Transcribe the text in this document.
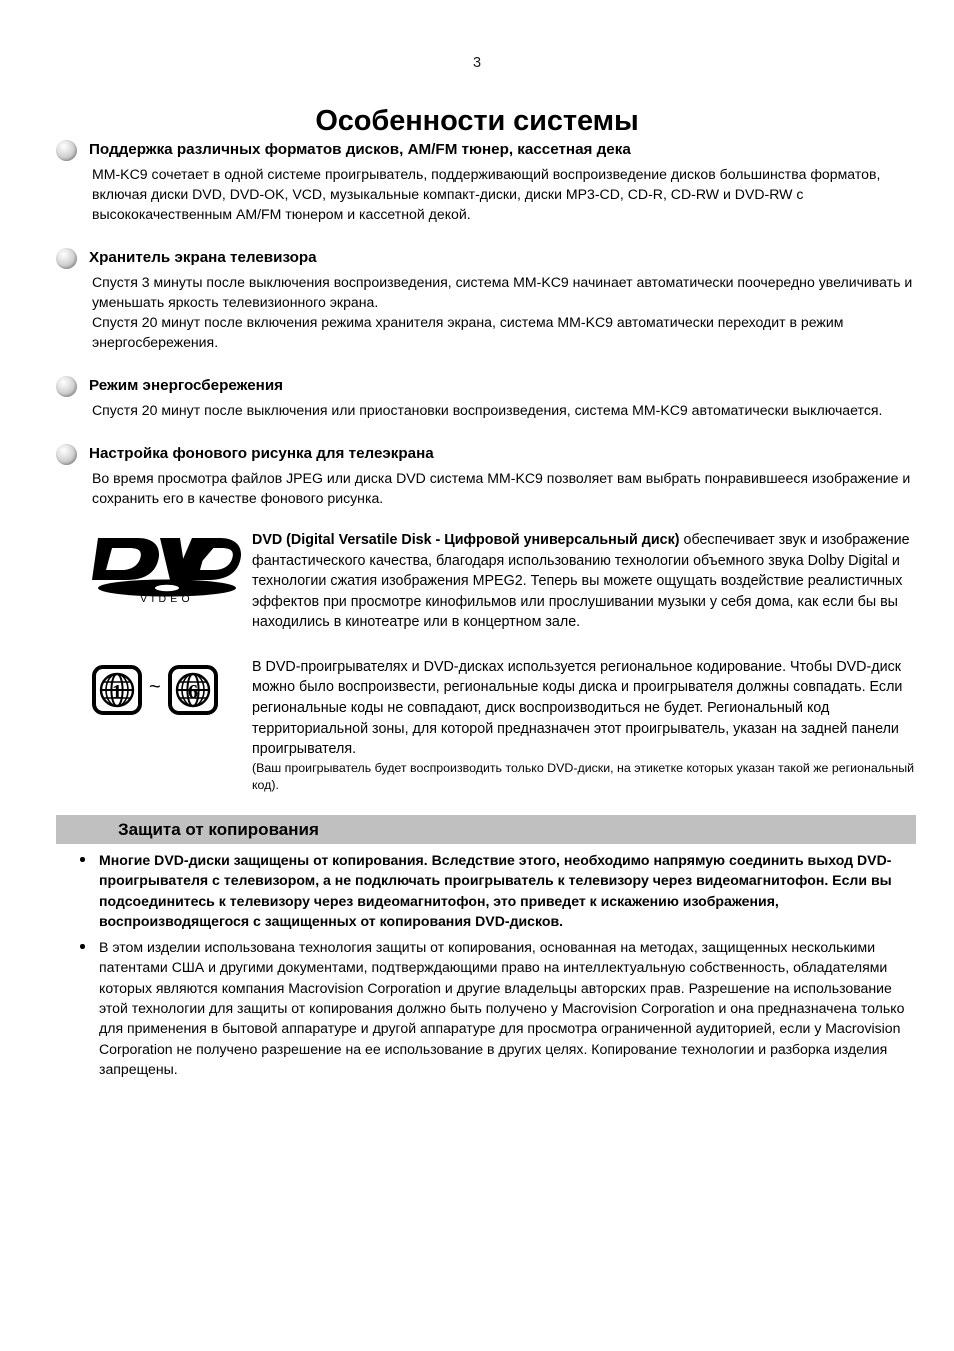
3
Особенности системы
Поддержка различных форматов дисков, AM/FM тюнер, кассетная дека

MM-KC9 сочетает в одной системе проигрыватель, поддерживающий воспроизведение дисков большинства форматов, включая диски DVD, DVD-OK, VCD, музыкальные компакт-диски, диски MP3-CD, CD-R, CD-RW и DVD-RW с высококачественным AM/FM тюнером и кассетной декой.

Хранитель экрана телевизора

Спустя 3 минуты после выключения воспроизведения, система MM-KC9 начинает автоматически поочередно увеличивать и уменьшать яркость телевизионного экрана.

Спустя 20 минут после включения режима хранителя экрана, система MM-KC9 автоматически переходит в режим энергосбережения.

Режим энергосбережения

Спустя 20 минут после выключения или приостановки воспроизведения, система MM-KC9 автоматически выключается.

Настройка фонового рисунка для телеэкрана

Во время просмотра файлов JPEG или диска DVD система MM-KC9 позволяет вам выбрать понравившееся изображение и сохранить его в качестве фонового рисунка.

VIDEO

DVD (Digital Versatile Disk - Цифровой универсальный диск) обеспечивает звук и изображение фантастического качества, благодаря использованию технологии объемного звука Dolby Digital и технологии сжатия изображения MPEG2. Теперь вы можете ощущать воздействие реалистичных эффектов при просмотре кинофильмов или прослушивании музыки у себя дома, как если бы вы находились в кинотеатре или в концертном зале.

1 ~ 6

В DVD-проигрывателях и DVD-дисках используется региональное кодирование. Чтобы DVD-диск можно было воспроизвести, региональные коды диска и проигрывателя должны совпадать. Если региональные коды не совпадают, диск воспроизводиться не будет. Региональный код территориальной зоны, для которой предназначен этот проигрыватель, указан на задней панели проигрывателя.

(Ваш проигрыватель будет воспроизводить только DVD-диски, на этикетке которых указан такой же региональный код).

Защита от копирования
Многие DVD-диски защищены от копирования. Вследствие этого, необходимо напрямую соединить выход DVD-проигрывателя с телевизором, а не подключать проигрыватель к телевизору через видеомагнитофон. Если вы подсоединитесь к телевизору через видеомагнитофон, это приведет к искажению изображения, воспроизводящегося с защищенных от копирования DVD-дисков.
В этом изделии использована технология защиты от копирования, основанная на методах, защищенных несколькими патентами США и другими документами, подтверждающими право на интеллектуальную собственность, обладателями которых являются компания Macrovision Corporation и другие владельцы авторских прав. Разрешение на использование этой технологии для защиты от копирования должно быть получено у Macrovision Corporation и она предназначена только для применения в бытовой аппаратуре и другой аппаратуре для просмотра ограниченной аудиторией, если у Macrovision Corporation не получено разрешение на ее использование в других целях. Копирование технологии и разборка изделия запрещены.
